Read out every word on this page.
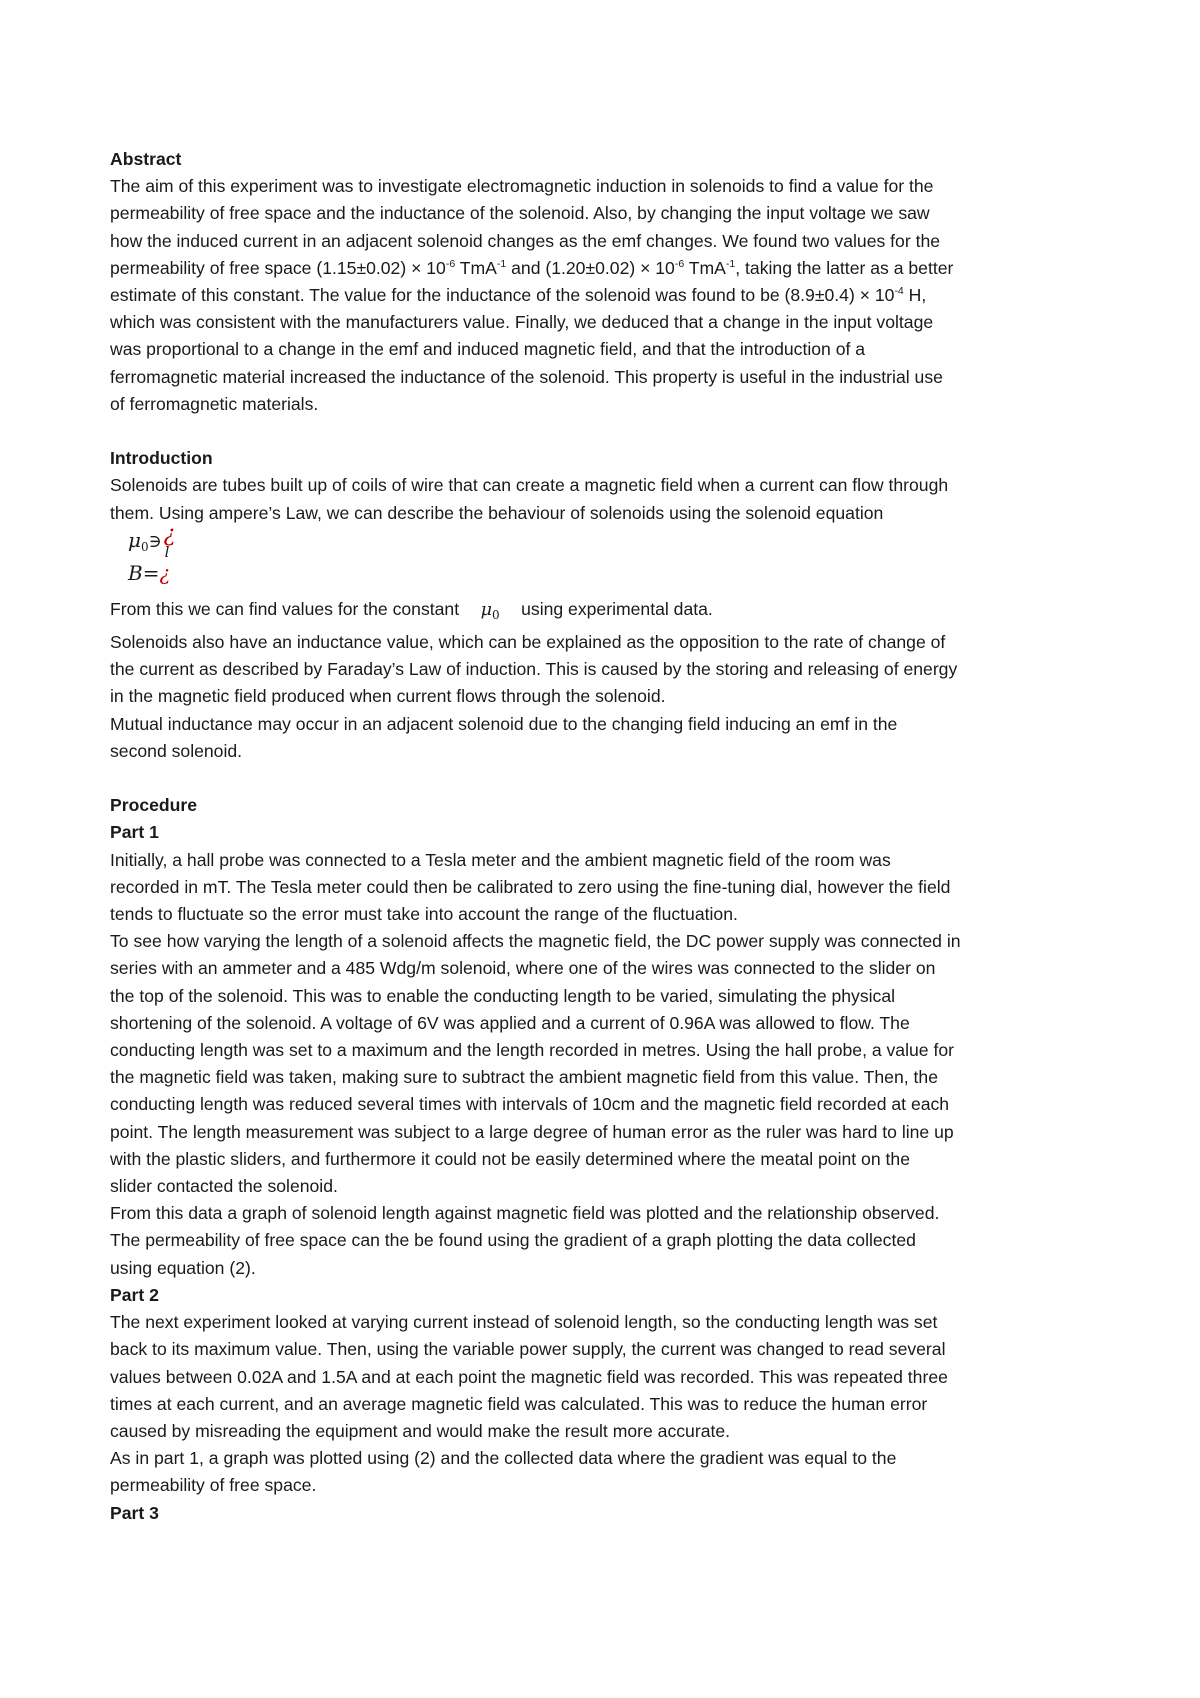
Abstract

The aim of this experiment was to investigate electromagnetic induction in solenoids to find a value for the

permeability of free space and the inductance of the solenoid. Also, by changing the input voltage we saw

how the induced current in an adjacent solenoid changes as the emf changes. We found two values for the

permeability of free space $(1.15\pm 0.02) \times 10^{-6}$ TmA$^{-1}$ and $(1.20\pm 0.02) \times 10^{-6}$ TmA$^{-1}$, taking the latter as a better

estimate of this constant. The value for the inductance of the solenoid was found to be $(8.9\pm 0.4) \times 10^{-4}$ H,

which was consistent with the manufacturers value. Finally, we deduced that a change in the input voltage

was proportional to a change in the emf and induced magnetic field, and that the introduction of a

ferromagnetic material increased the inductance of the solenoid. This property is useful in the industrial use

of ferromagnetic materials.

Introduction

Solenoids are tubes built up of coils of wire that can create a magnetic field when a current can flow through

them. Using ampere’s Law, we can describe the behaviour of solenoids using the solenoid equation

$\mu_0∋$ ¿
l
B=¿

From this we can find values for the constant $\mu_0$ using experimental data.

Solenoids also have an inductance value, which can be explained as the opposition to the rate of change of

the current as described by Faraday’s Law of induction. This is caused by the storing and releasing of energy

in the magnetic field produced when current flows through the solenoid.

Mutual inductance may occur in an adjacent solenoid due to the changing field inducing an emf in the

second solenoid.

Procedure

Part 1

Initially, a hall probe was connected to a Tesla meter and the ambient magnetic field of the room was

recorded in mT. The Tesla meter could then be calibrated to zero using the fine-tuning dial, however the field

tends to fluctuate so the error must take into account the range of the fluctuation.

To see how varying the length of a solenoid affects the magnetic field, the DC power supply was connected in

series with an ammeter and a 485 Wdg/m solenoid, where one of the wires was connected to the slider on

the top of the solenoid. This was to enable the conducting length to be varied, simulating the physical

shortening of the solenoid. A voltage of 6V was applied and a current of 0.96A was allowed to flow. The

conducting length was set to a maximum and the length recorded in metres. Using the hall probe, a value for

the magnetic field was taken, making sure to subtract the ambient magnetic field from this value. Then, the

conducting length was reduced several times with intervals of 10cm and the magnetic field recorded at each

point. The length measurement was subject to a large degree of human error as the ruler was hard to line up

with the plastic sliders, and furthermore it could not be easily determined where the meatal point on the

slider contacted the solenoid.

From this data a graph of solenoid length against magnetic field was plotted and the relationship observed.

The permeability of free space can the be found using the gradient of a graph plotting the data collected

using equation (2).

Part 2

The next experiment looked at varying current instead of solenoid length, so the conducting length was set

back to its maximum value. Then, using the variable power supply, the current was changed to read several

values between 0.02A and 1.5A and at each point the magnetic field was recorded. This was repeated three

times at each current, and an average magnetic field was calculated. This was to reduce the human error

caused by misreading the equipment and would make the result more accurate.

As in part 1, a graph was plotted using (2) and the collected data where the gradient was equal to the

permeability of free space.

Part 3
